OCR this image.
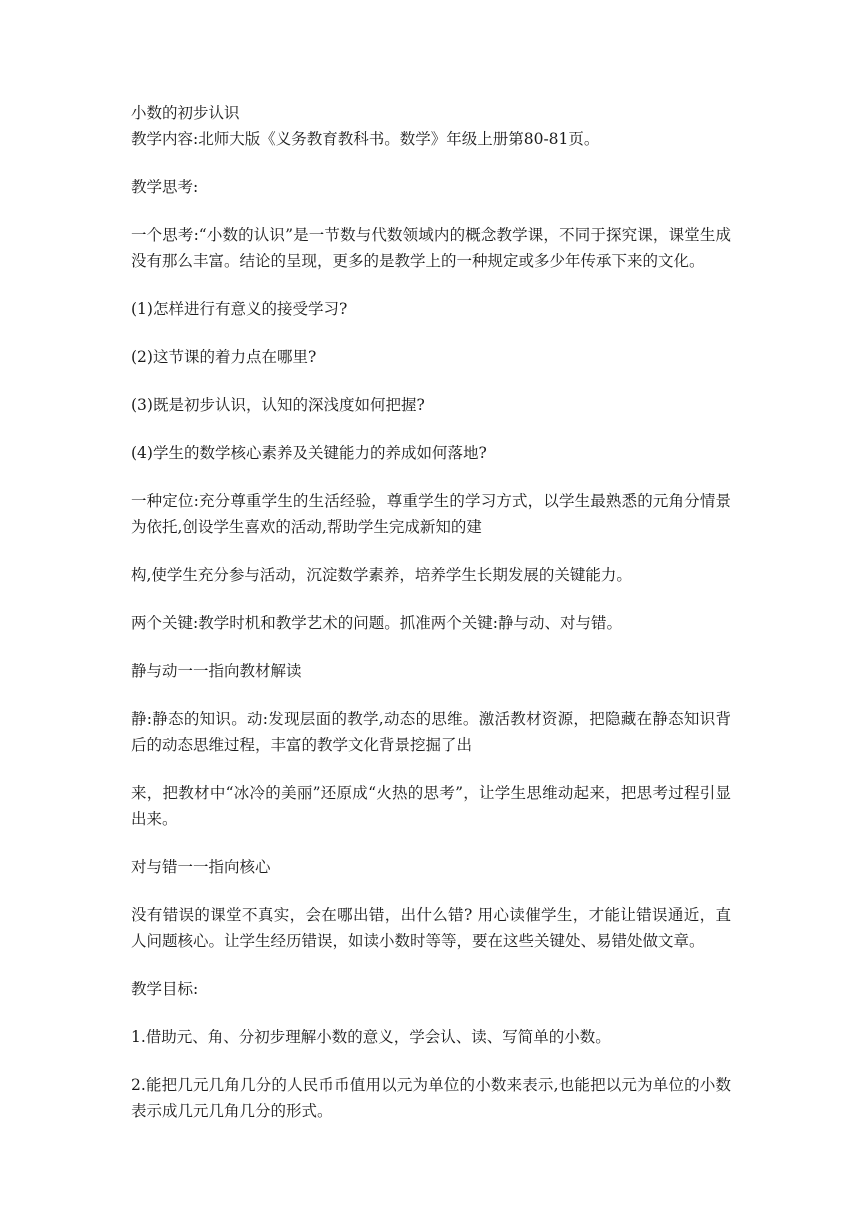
小数的初步认识

教学内容:北师大版《义务教育教科书。数学》年级上册第80-81页。

教学思考:

一个思考:“小数的认识”是一节数与代数领域内的概念教学课，不同于探究课，课堂生成没有那么丰富。结论的呈现，更多的是教学上的一种规定或多少年传承下来的文化。

(1)怎样进行有意义的接受学习?

(2)这节课的着力点在哪里?

(3)既是初步认识，认知的深浅度如何把握?

(4)学生的数学核心素养及关键能力的养成如何落地?

一种定位:充分尊重学生的生活经验，尊重学生的学习方式，以学生最熟悉的元角分情景为依托,创设学生喜欢的活动,帮助学生完成新知的建

构,使学生充分参与活动，沉淀数学素养，培养学生长期发展的关键能力。

两个关键:教学时机和教学艺术的问题。抓准两个关键:静与动、对与错。

静与动一一指向教材解读

静:静态的知识。动:发现层面的教学,动态的思维。激活教材资源，把隐藏在静态知识背后的动态思维过程，丰富的教学文化背景挖掘了出

来，把教材中“冰冷的美丽”还原成“火热的思考”，让学生思维动起来，把思考过程引显出来。

对与错一一指向核心

没有错误的课堂不真实，会在哪出错，出什么错? 用心读催学生，才能让错误通近，直人问题核心。让学生经历错误，如读小数时等等，要在这些关键处、易错处做文章。

教学目标:

1.借助元、角、分初步理解小数的意义，学会认、读、写简单的小数。

2.能把几元几角几分的人民币币值用以元为单位的小数来表示,也能把以元为单位的小数表示成几元几角几分的形式。
